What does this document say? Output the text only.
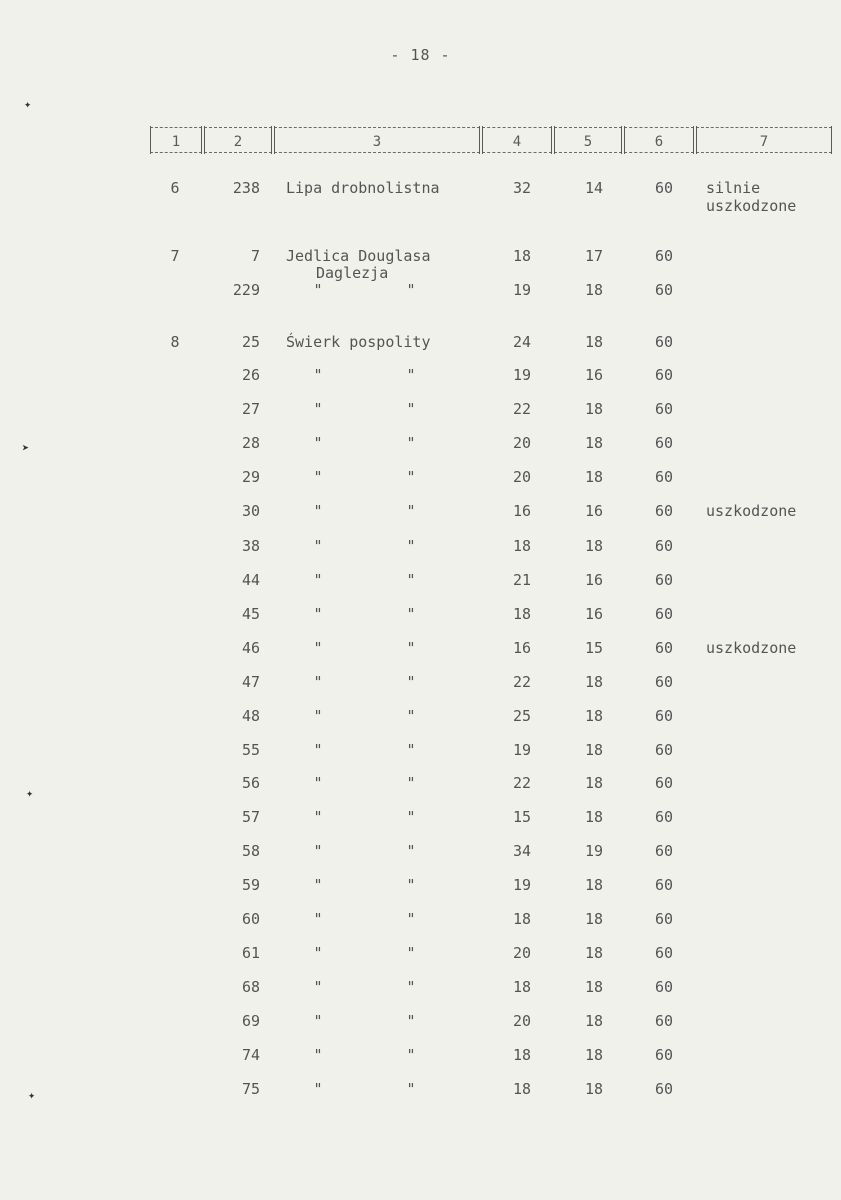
- 18 -
1	2	3	4	5	6	7
6	238 Lipa drobnolistna	32	14	60	silnie
uszkodzone
7	7 Jedlica Douglasa	18	17	60
Daglezja
229	"	"	19	18	60
8	25 Świerk pospolity	24	18	60
26	"	"	19	16	60
27	"	"	22	18	60
28	"	"	20	18	60
29	"	"	20	18	60
30	"	"	16	16	60	uszkodzone
38	"	"	18	18	60
44	"	"	21	16	60
45	"	"	18	16	60
46	"	"	16	15	60	uszkodzone
47	"	"	22	18	60
48	"	"	25	18	60
55	"	"	19	18	60
56	"	"	22	18	60
57	"	"	15	18	60
58	"	"	34	19	60
59	"	"	19	18	60
60	"	"	18	18	60
61	"	"	20	18	60
68	"	"	18	18	60
69	"	"	20	18	60
74	"	"	18	18	60
75	"	"	18	18	60
✦
➤
✦
✦
